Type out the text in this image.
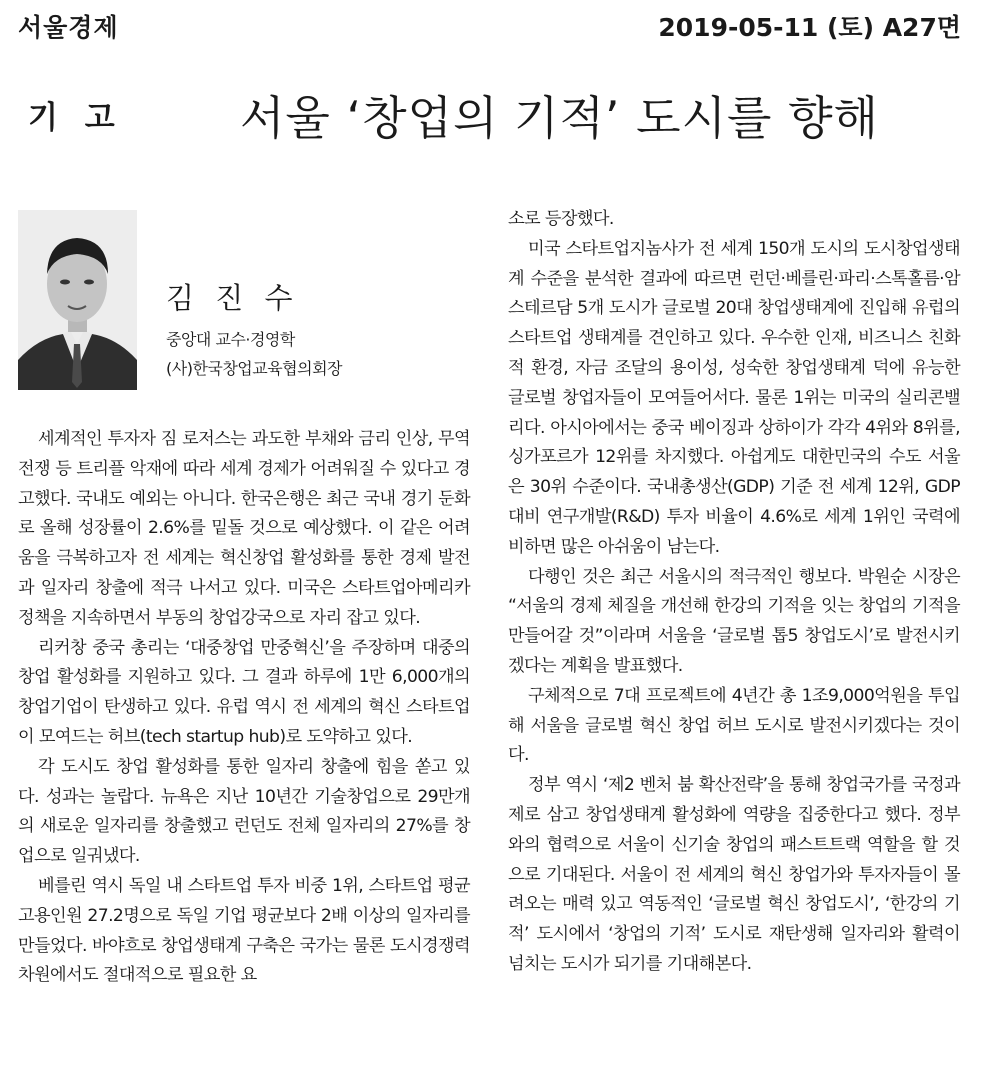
서울경제	2019-05-11 (토) A27면
기 고	서울 ‘창업의 기적’ 도시를 향해
김 진 수
중앙대 교수·경영학
(사)한국창업교육협의회장

세계적인 투자자 짐 로저스는 과도한 부채와 금리 인상, 무역전쟁 등 트리플 악재에 따라 세계 경제가 어려워질 수 있다고 경고했다. 국내도 예외는 아니다. 한국은행은 최근 국내 경기 둔화로 올해 성장률이 2.6%를 밑돌 것으로 예상했다. 이 같은 어려움을 극복하고자 전 세계는 혁신창업 활성화를 통한 경제 발전과 일자리 창출에 적극 나서고 있다. 미국은 스타트업아메리카 정책을 지속하면서 부동의 창업강국으로 자리 잡고 있다.

리커창 중국 총리는 ‘대중창업 만중혁신’을 주장하며 대중의 창업 활성화를 지원하고 있다. 그 결과 하루에 1만 6,000개의 창업기업이 탄생하고 있다. 유럽 역시 전 세계의 혁신 스타트업이 모여드는 허브(tech startup hub)로 도약하고 있다.

각 도시도 창업 활성화를 통한 일자리 창출에 힘을 쏟고 있다. 성과는 놀랍다. 뉴욕은 지난 10년간 기술창업으로 29만개의 새로운 일자리를 창출했고 런던도 전체 일자리의 27%를 창업으로 일궈냈다.

베를린 역시 독일 내 스타트업 투자 비중 1위, 스타트업 평균 고용인원 27.2명으로 독일 기업 평균보다 2배 이상의 일자리를 만들었다. 바야흐로 창업생태계 구축은 국가는 물론 도시경쟁력 차원에서도 절대적으로 필요한 요

소로 등장했다.

미국 스타트업지놈사가 전 세계 150개 도시의 도시창업생태계 수준을 분석한 결과에 따르면 런던·베를린·파리·스톡홀름·암스테르담 5개 도시가 글로벌 20대 창업생태계에 진입해 유럽의 스타트업 생태계를 견인하고 있다. 우수한 인재, 비즈니스 친화적 환경, 자금 조달의 용이성, 성숙한 창업생태계 덕에 유능한 글로벌 창업자들이 모여들어서다. 물론 1위는 미국의 실리콘밸리다. 아시아에서는 중국 베이징과 상하이가 각각 4위와 8위를, 싱가포르가 12위를 차지했다. 아쉽게도 대한민국의 수도 서울은 30위 수준이다. 국내총생산(GDP) 기준 전 세계 12위, GDP 대비 연구개발(R&D) 투자 비율이 4.6%로 세계 1위인 국력에 비하면 많은 아쉬움이 남는다.

다행인 것은 최근 서울시의 적극적인 행보다. 박원순 시장은 “서울의 경제 체질을 개선해 한강의 기적을 잇는 창업의 기적을 만들어갈 것”이라며 서울을 ‘글로벌 톱5 창업도시’로 발전시키겠다는 계획을 발표했다.

구체적으로 7대 프로젝트에 4년간 총 1조9,000억원을 투입해 서울을 글로벌 혁신 창업 허브 도시로 발전시키겠다는 것이다.

정부 역시 ‘제2 벤처 붐 확산전략’을 통해 창업국가를 국정과제로 삼고 창업생태계 활성화에 역량을 집중한다고 했다. 정부와의 협력으로 서울이 신기술 창업의 패스트트랙 역할을 할 것으로 기대된다. 서울이 전 세계의 혁신 창업가와 투자자들이 몰려오는 매력 있고 역동적인 ‘글로벌 혁신 창업도시’, ‘한강의 기적’ 도시에서 ‘창업의 기적’ 도시로 재탄생해 일자리와 활력이 넘치는 도시가 되기를 기대해본다.
